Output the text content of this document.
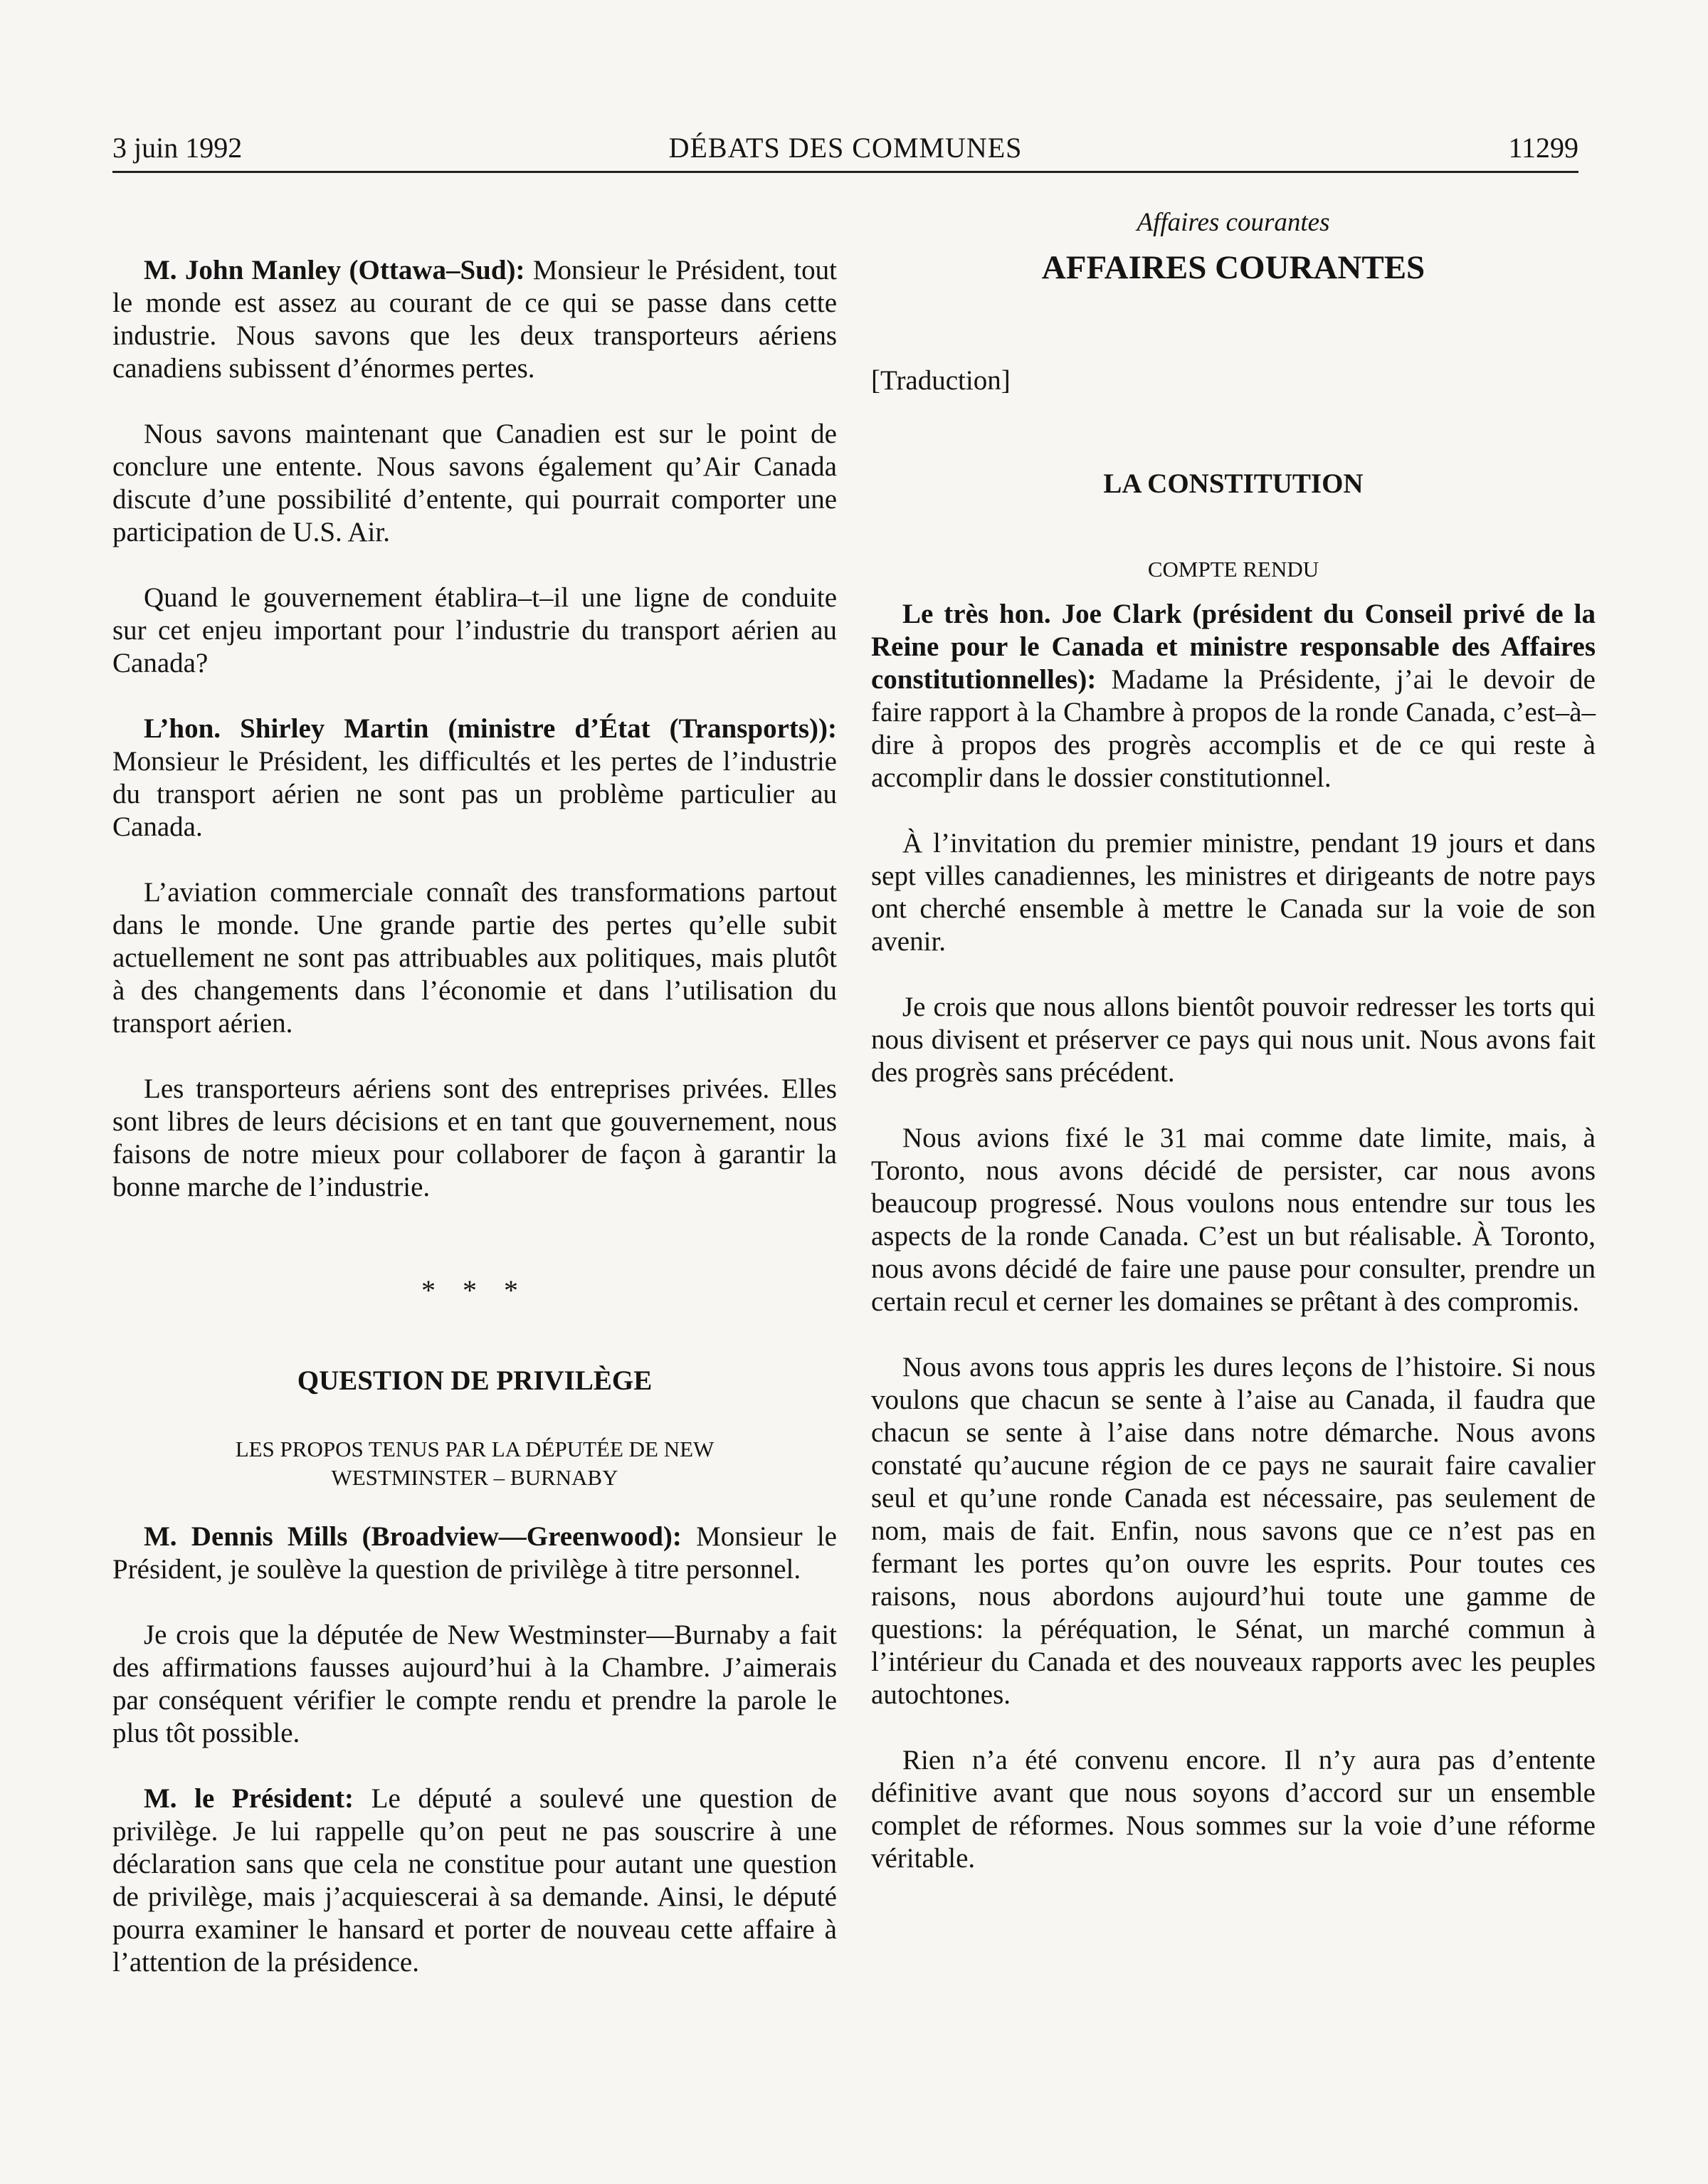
3 juin 1992	DÉBATS DES COMMUNES	11299

M. John Manley (Ottawa–Sud): Monsieur le Président, tout le monde est assez au courant de ce qui se passe dans cette industrie. Nous savons que les deux transporteurs aériens canadiens subissent d’énormes pertes.

Nous savons maintenant que Canadien est sur le point de conclure une entente. Nous savons également qu’Air Canada discute d’une possibilité d’entente, qui pourrait comporter une participation de U.S. Air.

Quand le gouvernement établira–t–il une ligne de conduite sur cet enjeu important pour l’industrie du transport aérien au Canada?

L’hon. Shirley Martin (ministre d’État (Transports)): Monsieur le Président, les difficultés et les pertes de l’industrie du transport aérien ne sont pas un problème particulier au Canada.

L’aviation commerciale connaît des transformations partout dans le monde. Une grande partie des pertes qu’elle subit actuellement ne sont pas attribuables aux politiques, mais plutôt à des changements dans l’économie et dans l’utilisation du transport aérien.

Les transporteurs aériens sont des entreprises privées. Elles sont libres de leurs décisions et en tant que gouvernement, nous faisons de notre mieux pour collaborer de façon à garantir la bonne marche de l’industrie.

* * *

QUESTION DE PRIVILÈGE

LES PROPOS TENUS PAR LA DÉPUTÉE DE NEW

WESTMINSTER – BURNABY

M. Dennis Mills (Broadview—Greenwood): Monsieur le Président, je soulève la question de privilège à titre personnel.

Je crois que la députée de New Westminster—Burnaby a fait des affirmations fausses aujourd’hui à la Chambre. J’aimerais par conséquent vérifier le compte rendu et prendre la parole le plus tôt possible.

M. le Président: Le député a soulevé une question de privilège. Je lui rappelle qu’on peut ne pas souscrire à une déclaration sans que cela ne constitue pour autant une question de privilège, mais j’acquiescerai à sa demande. Ainsi, le député pourra examiner le hansard et porter de nouveau cette affaire à l’attention de la présidence.

Affaires courantes

AFFAIRES COURANTES

[Traduction]

LA CONSTITUTION

COMPTE RENDU

Le très hon. Joe Clark (président du Conseil privé de la Reine pour le Canada et ministre responsable des Affaires constitutionnelles): Madame la Présidente, j’ai le devoir de faire rapport à la Chambre à propos de la ronde Canada, c’est–à–dire à propos des progrès accomplis et de ce qui reste à accomplir dans le dossier constitutionnel.

À l’invitation du premier ministre, pendant 19 jours et dans sept villes canadiennes, les ministres et dirigeants de notre pays ont cherché ensemble à mettre le Canada sur la voie de son avenir.

Je crois que nous allons bientôt pouvoir redresser les torts qui nous divisent et préserver ce pays qui nous unit. Nous avons fait des progrès sans précédent.

Nous avions fixé le 31 mai comme date limite, mais, à Toronto, nous avons décidé de persister, car nous avons beaucoup progressé. Nous voulons nous entendre sur tous les aspects de la ronde Canada. C’est un but réalisable. À Toronto, nous avons décidé de faire une pause pour consulter, prendre un certain recul et cerner les domaines se prêtant à des compromis.

Nous avons tous appris les dures leçons de l’histoire. Si nous voulons que chacun se sente à l’aise au Canada, il faudra que chacun se sente à l’aise dans notre démarche. Nous avons constaté qu’aucune région de ce pays ne saurait faire cavalier seul et qu’une ronde Canada est nécessaire, pas seulement de nom, mais de fait. Enfin, nous savons que ce n’est pas en fermant les portes qu’on ouvre les esprits. Pour toutes ces raisons, nous abordons aujourd’hui toute une gamme de questions: la péréquation, le Sénat, un marché commun à l’intérieur du Canada et des nouveaux rapports avec les peuples autochtones.

Rien n’a été convenu encore. Il n’y aura pas d’entente définitive avant que nous soyons d’accord sur un ensemble complet de réformes. Nous sommes sur la voie d’une réforme véritable.
